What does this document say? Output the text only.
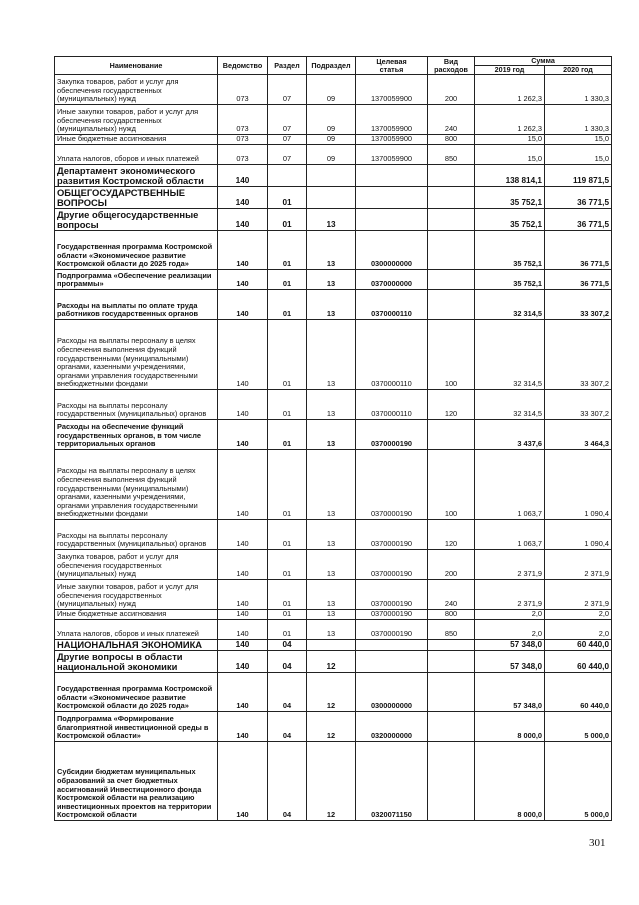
Наименование	Ведомство	Раздел	Подраздел	Целевая
статья	Вид
расходов	Сумма	
						2019 год	2020 год
Закупка товаров, работ и услуг для обеспечения государственных (муниципальных) нужд	073	07	09	1370059900	200	1 262,3	1 330,3
Иные закупки товаров, работ и услуг для обеспечения государственных (муниципальных) нужд	073	07	09	1370059900	240	1 262,3	1 330,3
Иные бюджетные ассигнования	073	07	09	1370059900	800	15,0	15,0
Уплата налогов, сборов и иных платежей	073	07	09	1370059900	850	15,0	15,0
Департамент экономического развития Костромской области	140					138 814,1	119 871,5
ОБЩЕГОСУДАРСТВЕННЫЕ ВОПРОСЫ	140	01				35 752,1	36 771,5
Другие общегосударственные вопросы	140	01	13			35 752,1	36 771,5
Государственная программа Костромской области «Экономическое развитие Костромской области до 2025 года»	140	01	13	0300000000		35 752,1	36 771,5
Подпрограмма «Обеспечение реализации программы»	140	01	13	0370000000		35 752,1	36 771,5
Расходы на выплаты по оплате труда работников государственных органов	140	01	13	0370000110		32 314,5	33 307,2
Расходы на выплаты персоналу в целях обеспечения выполнения функций государственными (муниципальными) органами, казенными учреждениями, органами управления государственными внебюджетными фондами	140	01	13	0370000110	100	32 314,5	33 307,2
Расходы на выплаты персоналу государственных (муниципальных) органов	140	01	13	0370000110	120	32 314,5	33 307,2
Расходы на обеспечение функций государственных органов, в том числе территориальных органов	140	01	13	0370000190		3 437,6	3 464,3
Расходы на выплаты персоналу в целях обеспечения выполнения функций государственными (муниципальными) органами, казенными учреждениями, органами управления государственными внебюджетными фондами	140	01	13	0370000190	100	1 063,7	1 090,4
Расходы на выплаты персоналу государственных (муниципальных) органов	140	01	13	0370000190	120	1 063,7	1 090,4
Закупка товаров, работ и услуг для обеспечения государственных (муниципальных) нужд	140	01	13	0370000190	200	2 371,9	2 371,9
Иные закупки товаров, работ и услуг для обеспечения государственных (муниципальных) нужд	140	01	13	0370000190	240	2 371,9	2 371,9
Иные бюджетные ассигнования	140	01	13	0370000190	800	2,0	2,0
Уплата налогов, сборов и иных платежей	140	01	13	0370000190	850	2,0	2,0
НАЦИОНАЛЬНАЯ ЭКОНОМИКА	140	04				57 348,0	60 440,0
Другие вопросы в области национальной экономики	140	04	12			57 348,0	60 440,0
Государственная программа Костромской области «Экономическое развитие Костромской области до 2025 года»	140	04	12	0300000000		57 348,0	60 440,0
Подпрограмма «Формирование благоприятной инвестиционной среды в Костромской области»	140	04	12	0320000000		8 000,0	5 000,0
Субсидии бюджетам муниципальных образований за счет бюджетных ассигнований Инвестиционного фонда Костромской области на реализацию инвестиционных проектов на территории Костромской области	140	04	12	0320071150		8 000,0	5 000,0
301
